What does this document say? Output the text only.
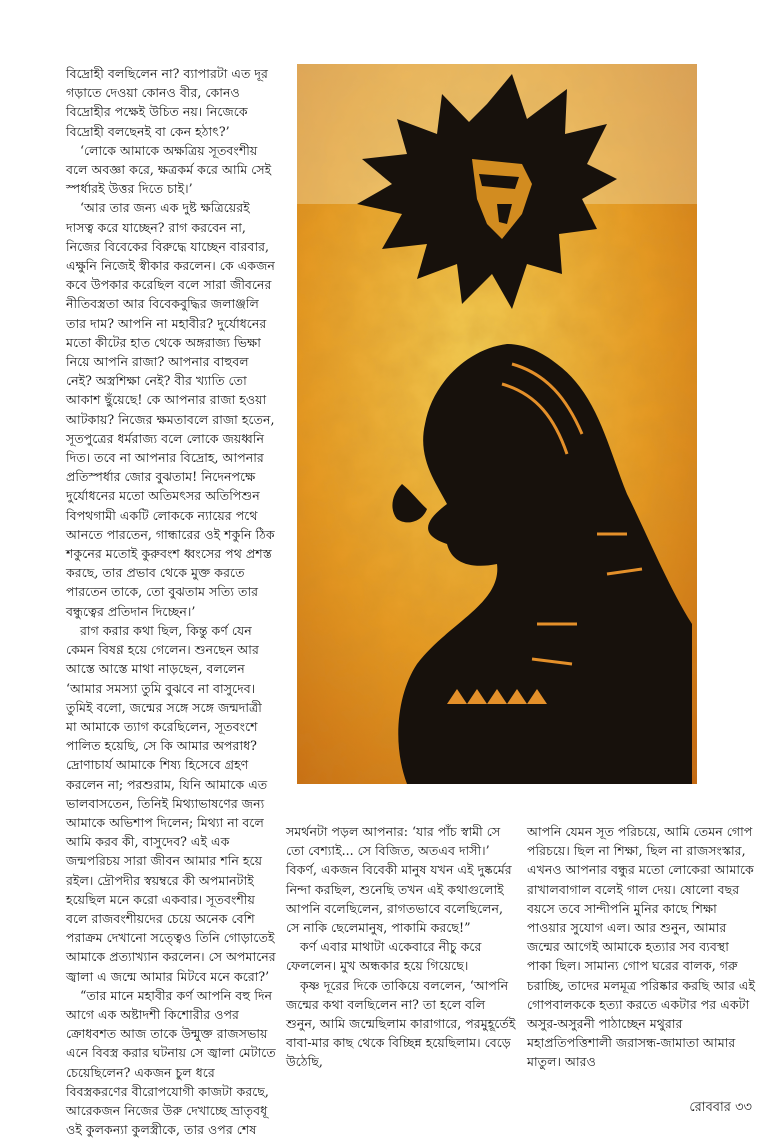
বিদ্রোহী বলছিলেন না? ব্যাপারটা এত দূর গড়াতে দেওয়া কোনও বীর, কোনও বিদ্রোহীর পক্ষেই উচিত নয়। নিজেকে বিদ্রোহী বলছেনই বা কেন হঠাৎ?’

‘লোকে আমাকে অক্ষত্রিয় সূতবংশীয় বলে অবজ্ঞা করে, ক্ষত্রকর্ম করে আমি সেই স্পর্ধারই উত্তর দিতে চাই।’

‘আর তার জন্য এক দুষ্ট ক্ষত্রিয়েরই দাসত্ব করে যাচ্ছেন? রাগ করবেন না, নিজের বিবেকের বিরুদ্ধে যাচ্ছেন বারবার, এক্ষুনি নিজেই স্বীকার করলেন। কে একজন কবে উপকার করেছিল বলে সারা জীবনের নীতিবস্ত্রতা আর বিবেকবুদ্ধির জলাঞ্জলি তার দাম? আপনি না মহাবীর? দুর্যোধনের মতো কীটের হাত থেকে অঙ্গরাজ্য ভিক্ষা নিয়ে আপনি রাজা? আপনার বাহুবল নেই? অস্ত্রশিক্ষা নেই? বীর খ্যাতি তো আকাশ ছুঁয়েছে! কে আপনার রাজা হওয়া আটকায়? নিজের ক্ষমতাবলে রাজা হতেন, সূতপুত্রের ধর্মরাজ্য বলে লোকে জয়ধ্বনি দিত। তবে না আপনার বিদ্রোহ, আপনার প্রতিস্পর্ধার জোর বুঝতাম! নিদেনপক্ষে দুর্যোধনের মতো অতিমৎসর অতিপিশুন বিপথগামী একটি লোককে ন্যায়ের পথে আনতে পারতেন, গান্ধারের ওই শকুনি ঠিক শকুনের মতোই কুরুবংশ ধ্বংসের পথ প্রশস্ত করছে, তার প্রভাব থেকে মুক্ত করতে পারতেন তাকে, তো বুঝতাম সত্যি তার বন্ধুত্বের প্রতিদান দিচ্ছেন।’

রাগ করার কথা ছিল, কিন্তু কর্ণ যেন কেমন বিষণ্ণ হয়ে গেলেন। শুনছেন আর আস্তে আস্তে মাথা নাড়ছেন, বললেন ‘আমার সমস্যা তুমি বুঝবে না বাসুদেব। তুমিই বলো, জন্মের সঙ্গে সঙ্গে জন্মদাত্রী মা আমাকে ত্যাগ করেছিলেন, সূতবংশে পালিত হয়েছি, সে কি আমার অপরাধ? দ্রোণাচার্য আমাকে শিষ্য হিসেবে গ্রহণ করলেন না; পরশুরাম, যিনি আমাকে এত ভালবাসতেন, তিনিই মিথ্যাভাষণের জন্য আমাকে অভিশাপ দিলেন; মিথ্যা না বলে আমি করব কী, বাসুদেব? এই এক জন্মপরিচয় সারা জীবন আমার শনি হয়ে রইল। দ্রৌপদীর স্বয়ম্বরে কী অপমানটাই হয়েছিল মনে করো একবার। সূতবংশীয় বলে রাজবংশীয়দের চেয়ে অনেক বেশি পরাক্রম দেখানো সত্ত্বেও তিনি গোড়াতেই আমাকে প্রত্যাখ্যান করলেন। সে অপমানের জ্বালা এ জন্মে আমার মিটবে মনে করো?’

“তার মানে মহাবীর কর্ণ আপনি বহু দিন আগে এক অষ্টাদশী কিশোরীর ওপর ক্রোধবশত আজ তাকে উন্মুক্ত রাজসভায় এনে বিবস্ত্র করার ঘটনায় সে জ্বালা মেটাতে চেয়েছিলেন? একজন চুল ধরে বিবস্ত্রকরণের বীরোপযোগী কাজটা করছে, আরেকজন নিজের উরু দেখাচ্ছে ভ্রাতৃবধূ ওই কুলকন্যা কুলস্ত্রীকে, তার ওপর শেষ

সমর্থনটা পড়ল আপনার: ‘যার পাঁচ স্বামী সে তো বেশ্যাই... সে বিজিত, অতএব দাসী।’ বিকর্ণ, একজন বিবেকী মানুষ যখন এই দুষ্কর্মের নিন্দা করছিল, শুনেছি তখন এই কথাগুলোই আপনি বলেছিলেন, রাগতভাবে বলেছিলেন, সে নাকি ছেলেমানুষ, পাকামি করছে!”

কর্ণ এবার মাথাটা একেবারে নীচু করে ফেললেন। মুখ অন্ধকার হয়ে গিয়েছে।

কৃষ্ণ দূরের দিকে তাকিয়ে বললেন, ‘আপনি জন্মের কথা বলছিলেন না? তা হলে বলি শুনুন, আমি জন্মেছিলাম কারাগারে, পরমুহূর্তেই বাবা-মার কাছ থেকে বিচ্ছিন্ন হয়েছিলাম। বেড়ে উঠেছি,

আপনি যেমন সূত পরিচয়ে, আমি তেমন গোপ পরিচয়ে। ছিল না শিক্ষা, ছিল না রাজসংস্কার, এখনও আপনার বন্ধুর মতো লোকেরা আমাকে রাখালবাগাল বলেই গাল দেয়। ষোলো বছর বয়সে তবে সান্দীপনি মুনির কাছে শিক্ষা পাওয়ার সুযোগ এল। আর শুনুন, আমার জন্মের আগেই আমাকে হত্যার সব ব্যবস্থা পাকা ছিল। সামান্য গোপ ঘরের বালক, গরু চরাচ্ছি, তাদের মলমূত্র পরিষ্কার করছি আর এই গোপবালককে হত্যা করতে একটার পর একটা অসুর-অসুরনী পাঠাচ্ছেন মথুরার মহাপ্রতিপত্তিশালী জরাসন্ধ-জামাতা আমার মাতুল। আরও

রোববার ৩৩
